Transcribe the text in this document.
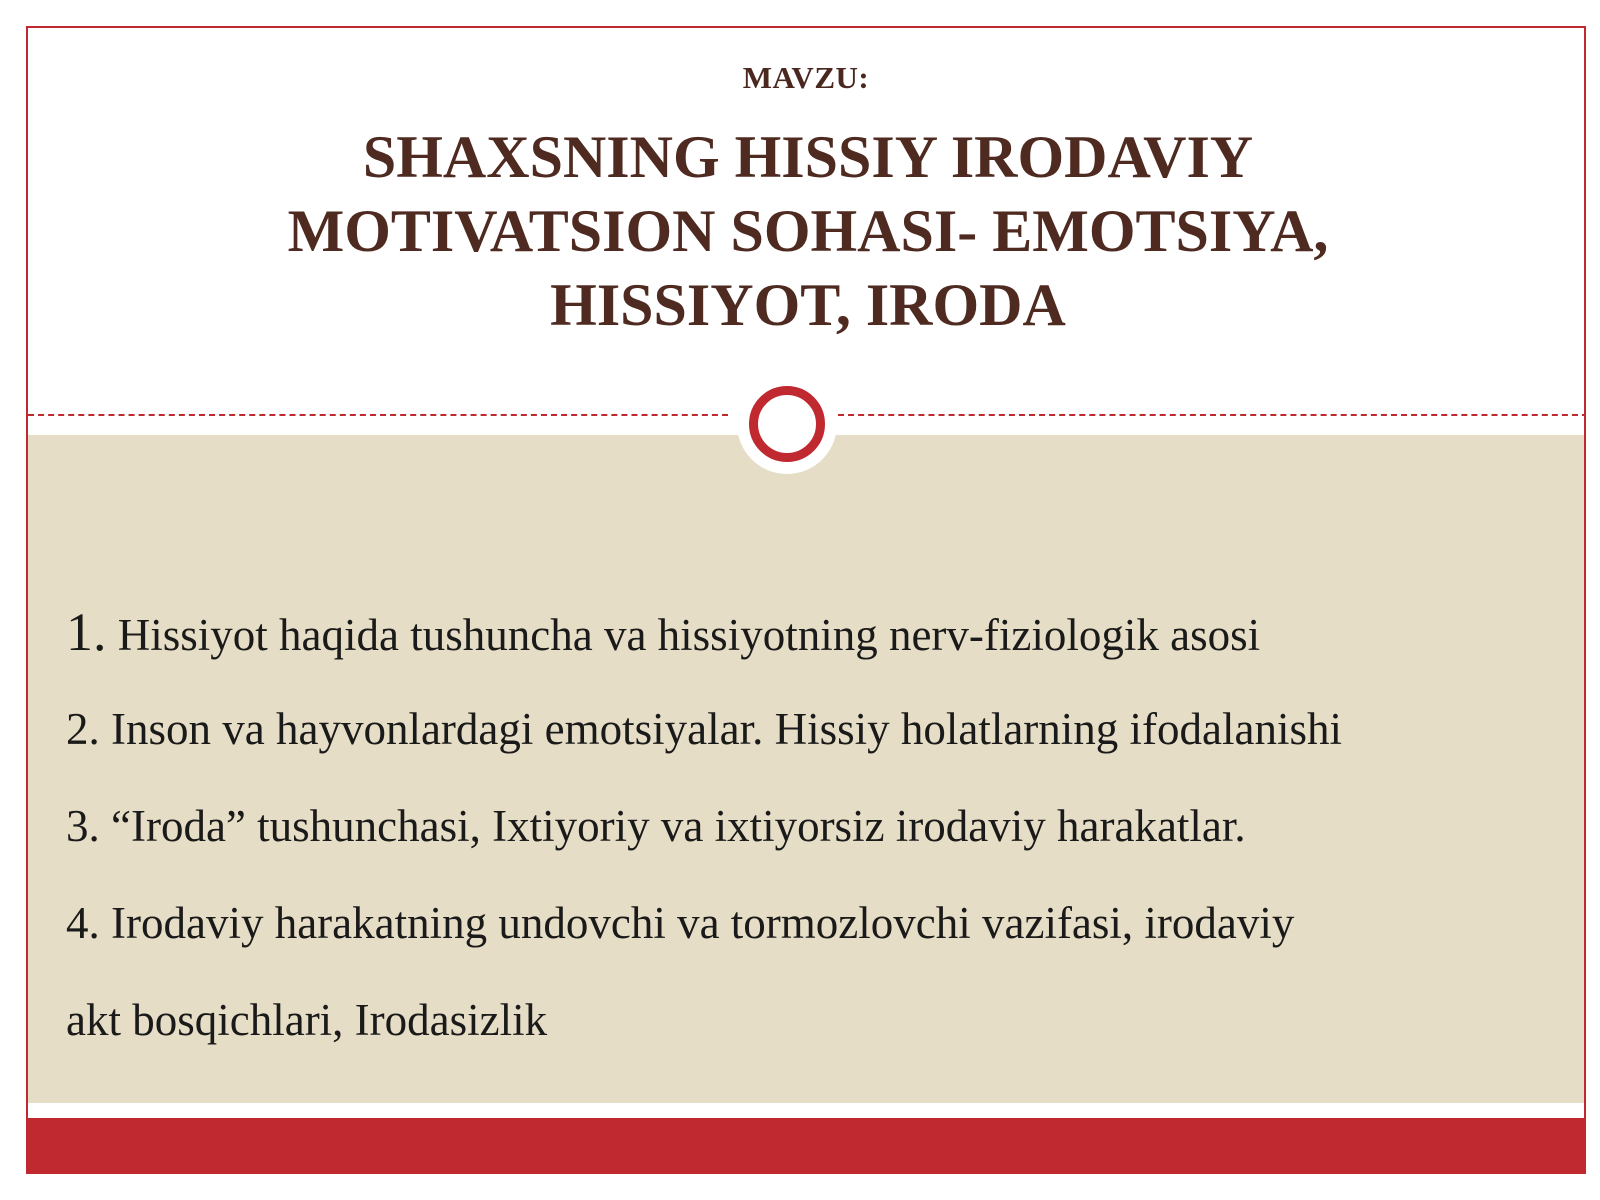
MAVZU:
SHAXSNING HISSIY IRODAVIY
MOTIVATSION SOHASI- EMOTSIYA,
HISSIYOT, IRODA
1. Hissiyot haqida tushuncha va hissiyotning nerv-fiziologik asosi
2. Inson va hayvonlardagi emotsiyalar. Hissiy holatlarning ifodalanishi
3. “Iroda” tushunchasi, Ixtiyoriy va ixtiyorsiz irodaviy harakatlar.
4. Irodaviy harakatning undovchi va tormozlovchi vazifasi, irodaviy
akt bosqichlari, Irodasizlik
